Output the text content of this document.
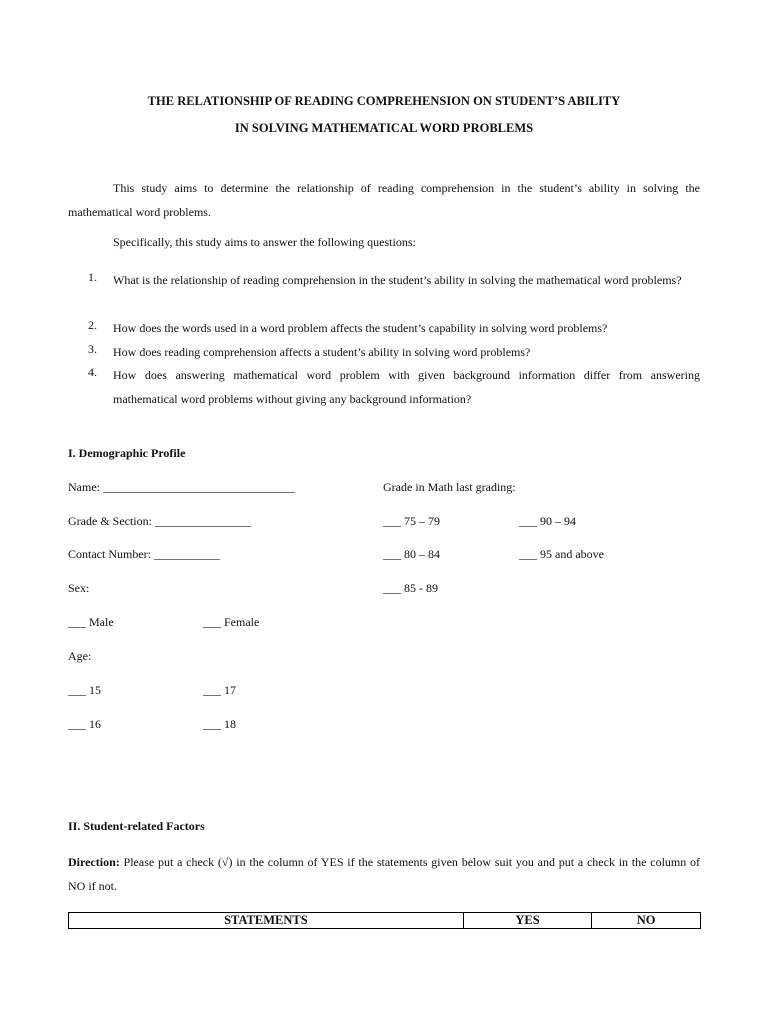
THE RELATIONSHIP OF READING COMPREHENSION ON STUDENT’S ABILITY
IN SOLVING MATHEMATICAL WORD PROBLEMS
This study aims to determine the relationship of reading comprehension in the student’s ability in solving the mathematical word problems.
Specifically, this study aims to answer the following questions:
1. What is the relationship of reading comprehension in the student’s ability in solving the mathematical word problems?
2. How does the words used in a word problem affects the student’s capability in solving word problems?
3. How does reading comprehension affects a student’s ability in solving word problems?
4. How does answering mathematical word problem with given background information differ from answering mathematical word problems without giving any background information?
I. Demographic Profile
Name: ________________________________
Grade & Section: ________________
Contact Number: ___________
Sex:
___ Male	___ Female
Age:
___ 15	___ 17
___ 16	___ 18
Grade in Math last grading:
___ 75 – 79	___ 90 – 94
___ 80 – 84	___ 95 and above
___ 85 - 89
II. Student-related Factors
Direction: Please put a check (√) in the column of YES if the statements given below suit you and put a check in the column of NO if not.
STATEMENTS	YES	NO
